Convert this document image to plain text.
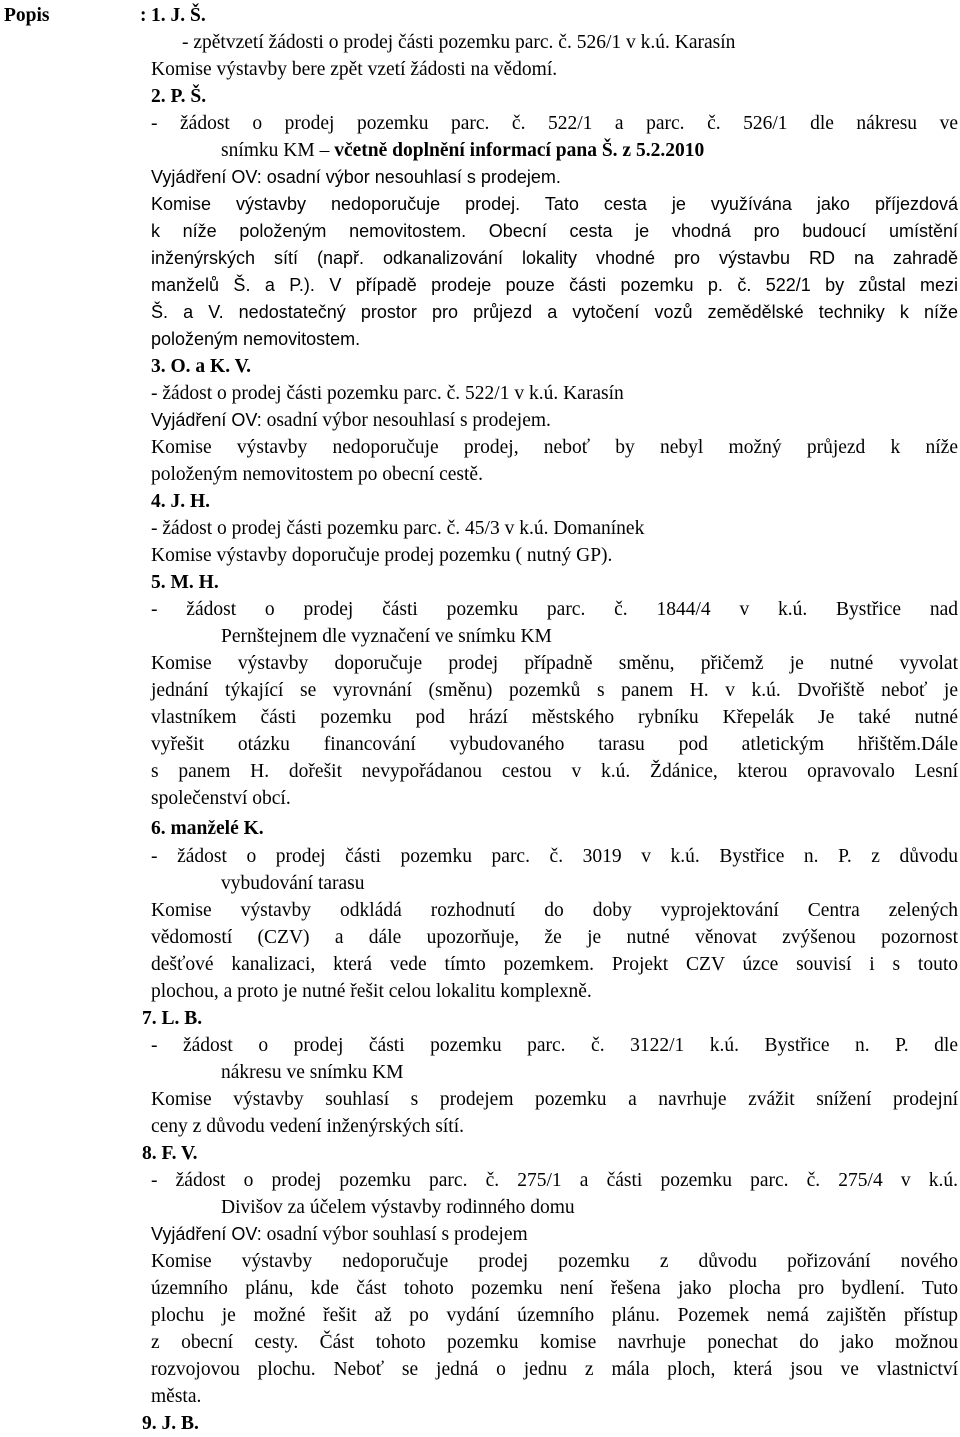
Popis	: 1. J. Š.
- zpětvzetí žádosti o prodej části pozemku parc. č. 526/1 v k.ú. Karasín
Komise výstavby bere zpět vzetí žádosti na vědomí.
2. P. Š.
- žádost o prodej pozemku parc. č. 522/1 a parc. č. 526/1 dle nákresu ve
snímku KM – včetně doplnění informací pana Š. z 5.2.2010
Vyjádření OV: osadní výbor nesouhlasí s prodejem.
Komise výstavby nedoporučuje prodej. Tato cesta je využívána jako příjezdová
k níže položeným nemovitostem. Obecní cesta je vhodná pro budoucí umístění
inženýrských sítí (např. odkanalizování lokality vhodné pro výstavbu RD na zahradě
manželů Š. a P.). V případě prodeje pouze části pozemku p. č. 522/1 by zůstal mezi
Š. a V. nedostatečný prostor pro průjezd a vytočení vozů zemědělské techniky k níže
položeným nemovitostem.
3. O. a K. V.
- žádost o prodej části pozemku parc. č. 522/1 v k.ú. Karasín
Vyjádření OV: osadní výbor nesouhlasí s prodejem.
Komise výstavby nedoporučuje prodej, neboť by nebyl možný průjezd k níže
položeným nemovitostem po obecní cestě.
4. J. H.
- žádost o prodej části pozemku parc. č. 45/3 v k.ú. Domanínek
Komise výstavby doporučuje prodej pozemku ( nutný GP).
5. M. H.
- žádost o prodej části pozemku parc. č. 1844/4 v k.ú. Bystřice nad
Pernštejnem dle vyznačení ve snímku KM
Komise výstavby doporučuje prodej případně směnu, přičemž je nutné vyvolat
jednání týkající se vyrovnání (směnu) pozemků s panem H. v k.ú. Dvořiště neboť je
vlastníkem části pozemku pod hrází městského rybníku Křepelák Je také nutné
vyřešit otázku financování vybudovaného tarasu pod atletickým hřištěm.Dále
s panem H. dořešit nevypořádanou cestou v k.ú. Ždánice, kterou opravovalo Lesní
společenství obcí.
6. manželé K.
- žádost o prodej části pozemku parc. č. 3019 v k.ú. Bystřice n. P. z důvodu
vybudování tarasu
Komise výstavby odkládá rozhodnutí do doby vyprojektování Centra zelených
vědomostí (CZV) a dále upozorňuje, že je nutné věnovat zvýšenou pozornost
dešťové kanalizaci, která vede tímto pozemkem. Projekt CZV úzce souvisí i s touto
plochou, a proto je nutné řešit celou lokalitu komplexně.
7. L. B.
- žádost o prodej části pozemku parc. č. 3122/1 k.ú. Bystřice n. P. dle
nákresu ve snímku KM
Komise výstavby souhlasí s prodejem pozemku a navrhuje zvážit snížení prodejní
ceny z důvodu vedení inženýrských sítí.
8. F. V.
- žádost o prodej pozemku parc. č. 275/1 a části pozemku parc. č. 275/4 v k.ú.
Divišov za účelem výstavby rodinného domu
Vyjádření OV: osadní výbor souhlasí s prodejem
Komise výstavby nedoporučuje prodej pozemku z důvodu pořizování nového
územního plánu, kde část tohoto pozemku není řešena jako plocha pro bydlení. Tuto
plochu je možné řešit až po vydání územního plánu. Pozemek nemá zajištěn přístup
z obecní cesty. Část tohoto pozemku komise navrhuje ponechat do jako možnou
rozvojovou plochu. Neboť se jedná o jednu z mála ploch, která jsou ve vlastnictví
města.
9. J. B.
